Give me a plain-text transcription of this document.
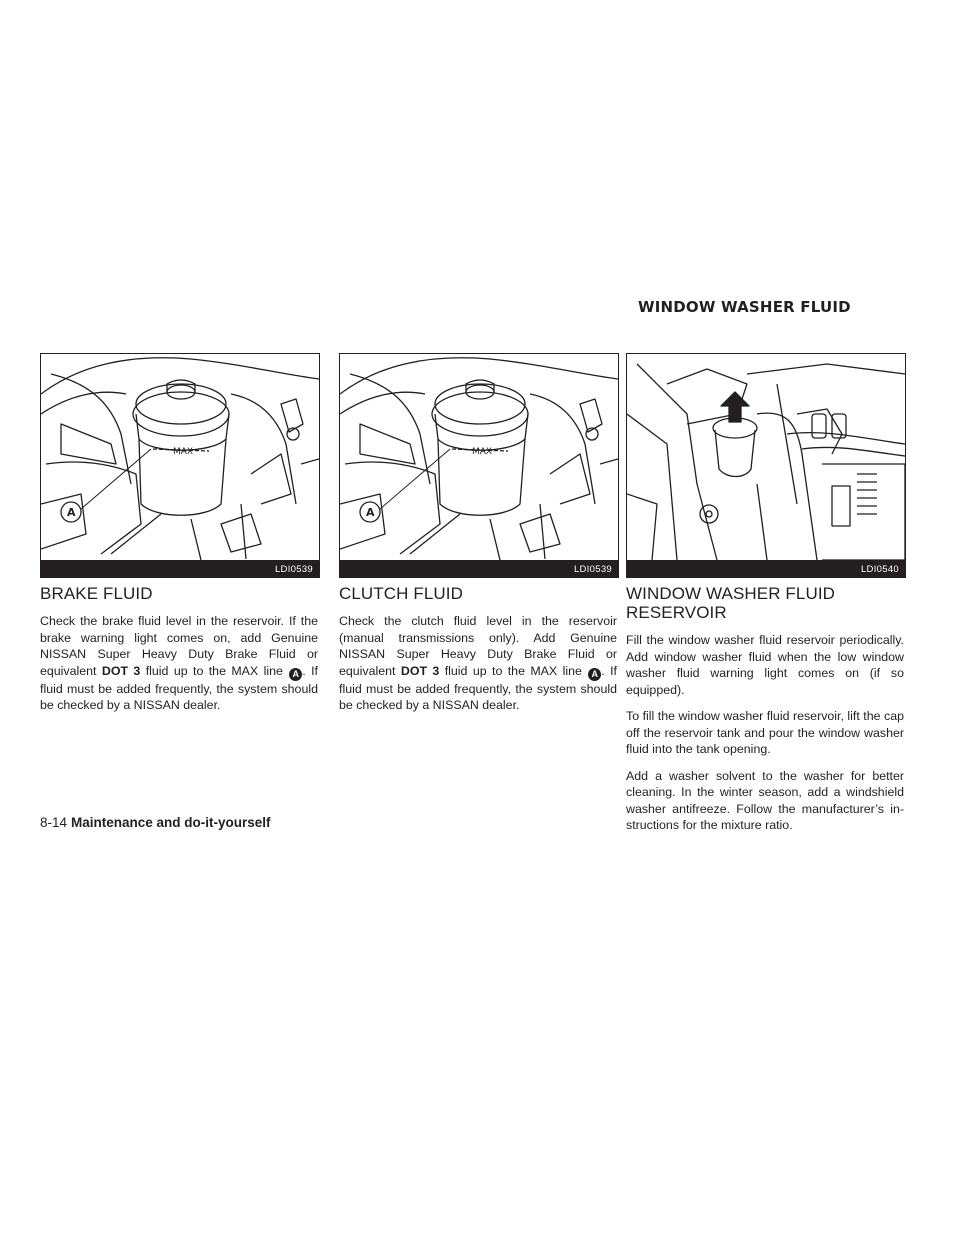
WINDOW WASHER FLUID
MAX
A
LDI0539
MAX
A
LDI0539	LDI0540
BRAKE FLUID

Check the brake fluid level in the reservoir. If the brake warning light comes on, add Genuine NISSAN Super Heavy Duty Brake Fluid or equivalent DOT 3 fluid up to the MAX line A . If fluid must be added frequently, the system should be checked by a NISSAN dealer.

CLUTCH FLUID

Check the clutch fluid level in the reservoir (manual transmissions only). Add Genuine NISSAN Super Heavy Duty Brake Fluid or equivalent DOT 3 fluid up to the MAX line A . If fluid must be added frequently, the system should be checked by a NISSAN dealer.

WINDOW WASHER FLUID
RESERVOIR

Fill the window washer fluid reservoir periodically. Add window washer fluid when the low window washer fluid warning light comes on (if so equipped).

To fill the window washer fluid reservoir, lift the cap off the reservoir tank and pour the window washer fluid into the tank opening.

Add a washer solvent to the washer for better cleaning. In the winter season, add a windshield washer antifreeze. Follow the manufacturer’s in-structions for the mixture ratio.

8-14 Maintenance and do-it-yourself
